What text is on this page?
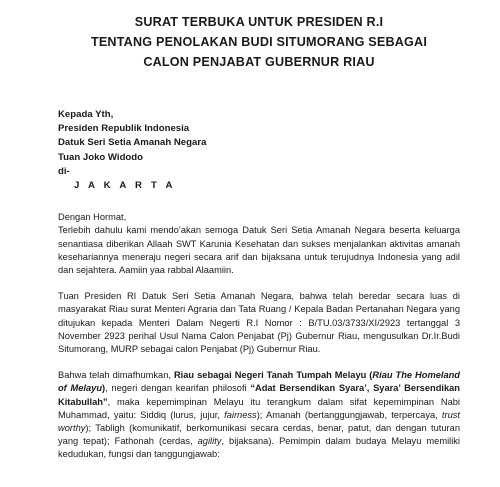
SURAT TERBUKA UNTUK PRESIDEN R.I

TENTANG PENOLAKAN BUDI SITUMORANG SEBAGAI

CALON PENJABAT GUBERNUR RIAU

Kepada Yth,
Presiden Republik Indonesia
Datuk Seri Setia Amanah Negara
Tuan Joko Widodo
di-
J A K A R T A

Dengan Hormat,

Terlebih dahulu kami mendo’akan semoga Datuk Seri Setia Amanah Negara beserta keluarga senantiasa diberikan Allaah SWT Karunia Kesehatan dan sukses menjalankan aktivitas amanah kesehariannya meneraju negeri secara arif dan bijaksana untuk terujudnya Indonesia yang adil dan sejahtera. Aamiin yaa rabbal Alaamiin.

Tuan Presiden RI Datuk Seri Setia Amanah Negara, bahwa telah beredar secara luas di masyarakat Riau surat Menteri Agraria dan Tata Ruang / Kepala Badan Pertanahan Negara yang ditujukan kepada Menteri Dalam Negerti R.I Nomor : B/TU.03/3733/XI/2923 tertanggal 3 November 2923 perihal Usul Nama Calon Penjabat (Pj) Gubernur Riau, mengusulkan Dr.Ir.Budi Situmorang, MURP sebagai calon Penjabat (Pj) Gubernur Riau.

Bahwa telah dimafhumkan, Riau sebagai Negeri Tanah Tumpah Melayu (Riau The Homeland of Melayu), negeri dengan kearifan philosofi “Adat Bersendikan Syara’, Syara’ Bersendikan Kitabullah”, maka kepemimpinan Melayu itu terangkum dalam sifat kepemimpinan Nabi Muhammad, yaitu: Siddiq (lurus, jujur, fairness); Amanah (bertanggungjawab, terpercaya, trust worthy); Tabligh (komunikatif, berkomunikasi secara cerdas, benar, patut, dan dengan tuturan yang tepat); Fathonah (cerdas, agility, bijaksana). Pemimpin dalam budaya Melayu memiliki kedudukan, fungsi dan tanggungjawab:
